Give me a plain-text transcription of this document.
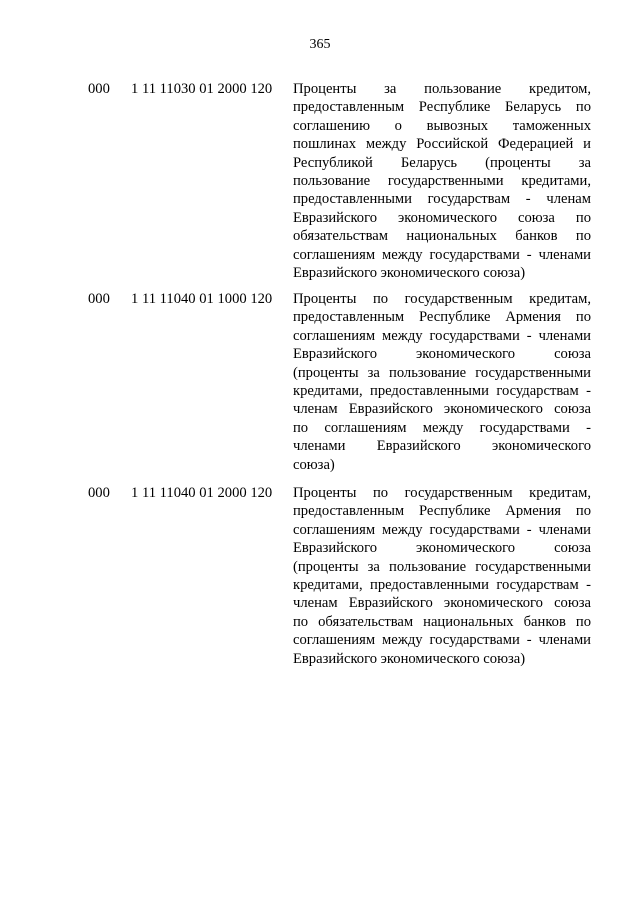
365
000 1 11 11030 01 2000 120 Проценты за пользование кредитом,
предоставленным Республике Беларусь по
соглашению о вывозных таможенных
пошлинах между Российской Федерацией и
Республикой Беларусь (проценты за
пользование государственными кредитами,
предоставленными государствам - членам
Евразийского экономического союза по
обязательствам национальных банков по
соглашениям между государствами - членами
Евразийского экономического союза)
000 1 11 11040 01 1000 120 Проценты по государственным кредитам,
предоставленным Республике Армения по
соглашениям между государствами - членами
Евразийского экономического союза
(проценты за пользование государственными
кредитами, предоставленными государствам -
членам Евразийского экономического союза
по соглашениям между государствами -
членами Евразийского экономического
союза)
000 1 11 11040 01 2000 120 Проценты по государственным кредитам,
предоставленным Республике Армения по
соглашениям между государствами - членами
Евразийского экономического союза
(проценты за пользование государственными
кредитами, предоставленными государствам -
членам Евразийского экономического союза
по обязательствам национальных банков по
соглашениям между государствами - членами
Евразийского экономического союза)
